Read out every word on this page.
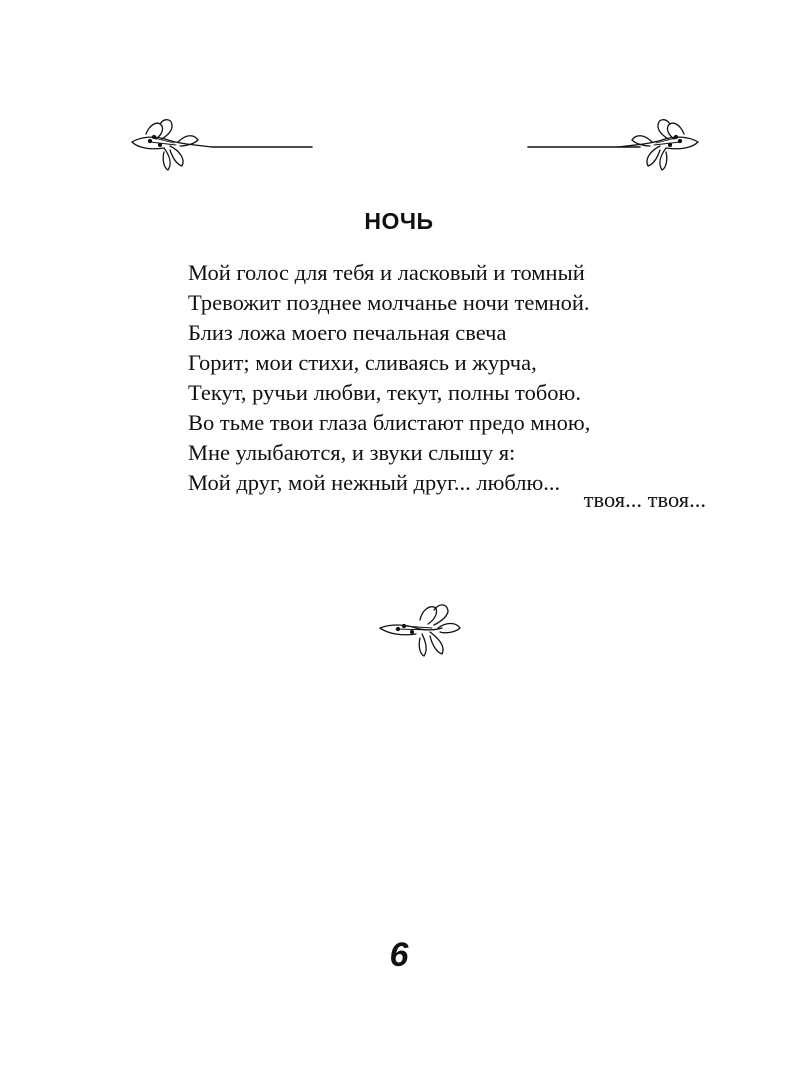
НОЧЬ
Мой голос для тебя и ласковый и томный
Тревожит позднее молчанье ночи темной.
Близ ложа моего печальная свеча
Горит; мои стихи, сливаясь и журча,
Текут, ручьи любви, текут, полны тобою.
Во тьме твои глаза блистают предо мною,
Мне улыбаются, и звуки слышу я:
Мой друг, мой нежный друг... люблю...
твоя... твоя...
6
